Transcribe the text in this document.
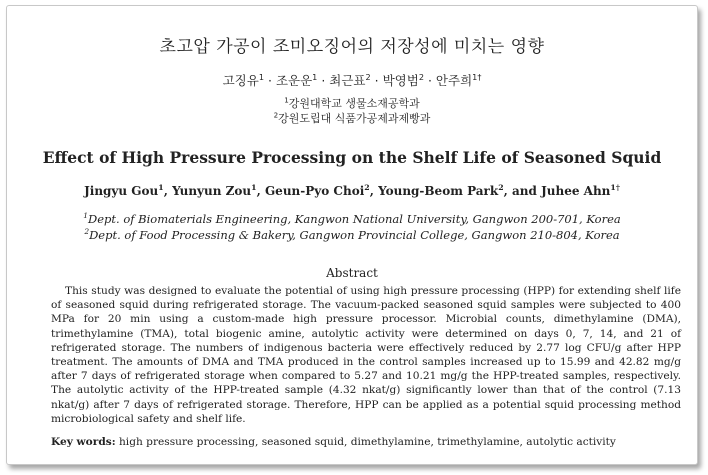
초고압 가공이 조미오징어의 저장성에 미치는 영향
고징유$^1$ · 조운운$^1$ · 최근표$^2$ · 박영범$^2$ · 안주희$^{1\dagger}$
$^1$강원대학교 생물소재공학과
$^2$강원도립대 식품가공제과제빵과
Effect of High Pressure Processing on the Shelf Life of Seasoned Squid
Jingyu Gou$^1$, Yunyun Zou$^1$, Geun-Pyo Choi$^2$, Young-Beom Park$^2$, and Juhee Ahn$^{1\dagger}$
$^1$Dept. of Biomaterials Engineering, Kangwon National University, Gangwon 200-701, Korea
$^2$Dept. of Food Processing & Bakery, Gangwon Provincial College, Gangwon 210-804, Korea
Abstract
This study was designed to evaluate the potential of using high pressure processing (HPP) for extending shelf life of seasoned squid during refrigerated storage. The vacuum-packed seasoned squid samples were subjected to 400 MPa for 20 min using a custom-made high pressure processor. Microbial counts, dimethylamine (DMA), trimethylamine (TMA), total biogenic amine, autolytic activity were determined on days 0, 7, 14, and 21 of refrigerated storage. The numbers of indigenous bacteria were effectively reduced by 2.77 log CFU/g after HPP treatment. The amounts of DMA and TMA produced in the control samples increased up to 15.99 and 42.82 mg/g after 7 days of refrigerated storage when compared to 5.27 and 10.21 mg/g the HPP-treated samples, respectively. The autolytic activity of the HPP-treated sample (4.32 nkat/g) significantly lower than that of the control (7.13 nkat/g) after 7 days of refrigerated storage. Therefore, HPP can be applied as a potential squid processing method microbiological safety and shelf life.
Key words: high pressure processing, seasoned squid, dimethylamine, trimethylamine, autolytic activity
